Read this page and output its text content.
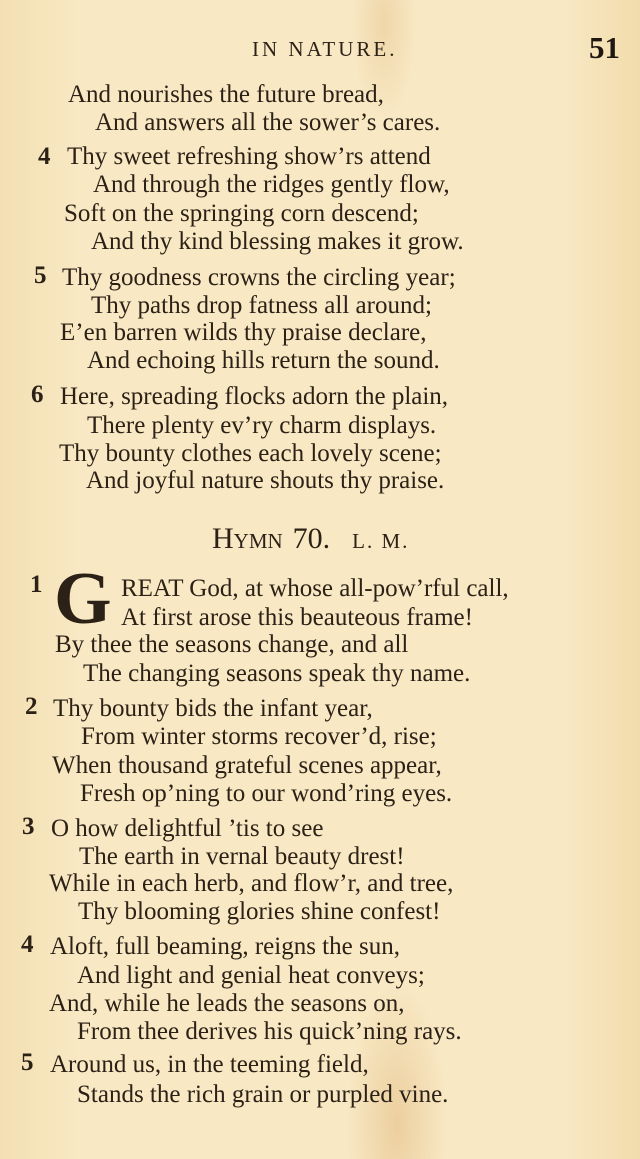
IN NATURE.	51
And nourishes the future bread,
And answers all the sower’s cares.
4 Thy sweet refreshing show’rs attend
And through the ridges gently flow,
Soft on the springing corn descend;
And thy kind blessing makes it grow.
5 Thy goodness crowns the circling year;
Thy paths drop fatness all around;
E’en barren wilds thy praise declare,
And echoing hills return the sound.
6 Here, spreading flocks adorn the plain,
There plenty ev’ry charm displays.
Thy bounty clothes each lovely scene;
And joyful nature shouts thy praise.
Hymn 70. L. M.
1 G REAT God, at whose all-pow’rful call,
At first arose this beauteous frame!
By thee the seasons change, and all
The changing seasons speak thy name.
2 Thy bounty bids the infant year,
From winter storms recover’d, rise;
When thousand grateful scenes appear,
Fresh op’ning to our wond’ring eyes.
3 O how delightful ’tis to see
The earth in vernal beauty drest!
While in each herb, and flow’r, and tree,
Thy blooming glories shine confest!
4 Aloft, full beaming, reigns the sun,
And light and genial heat conveys;
And, while he leads the seasons on,
From thee derives his quick’ning rays.
5 Around us, in the teeming field,
Stands the rich grain or purpled vine.
